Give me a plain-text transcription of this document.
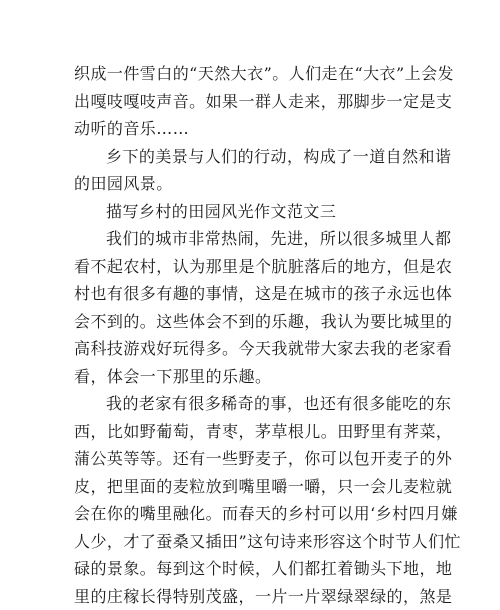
织成一件雪白的“天然大衣”。人们走在“大衣”上会发
出嘎吱嘎吱声音。如果一群人走来，那脚步一定是支
动听的音乐……
乡下的美景与人们的行动，构成了一道自然和谐
的田园风景。
描写乡村的田园风光作文范文三
我们的城市非常热闹，先进，所以很多城里人都
看不起农村，认为那里是个肮脏落后的地方，但是农
村也有很多有趣的事情，这是在城市的孩子永远也体
会不到的。这些体会不到的乐趣，我认为要比城里的
高科技游戏好玩得多。今天我就带大家去我的老家看
看，体会一下那里的乐趣。
我的老家有很多稀奇的事，也还有很多能吃的东
西，比如野葡萄，青枣，茅草根儿。田野里有荠菜，
蒲公英等等。还有一些野麦子，你可以包开麦子的外
皮，把里面的麦粒放到嘴里嚼一嚼，只一会儿麦粒就
会在你的嘴里融化。而春天的乡村可以用‘乡村四月嫌
人少，才了蚕桑又插田”这句诗来形容这个时节人们忙
碌的景象。每到这个时候，人们都扛着锄头下地，地
里的庄稼长得特别茂盛，一片一片翠绿翠绿的，煞是
